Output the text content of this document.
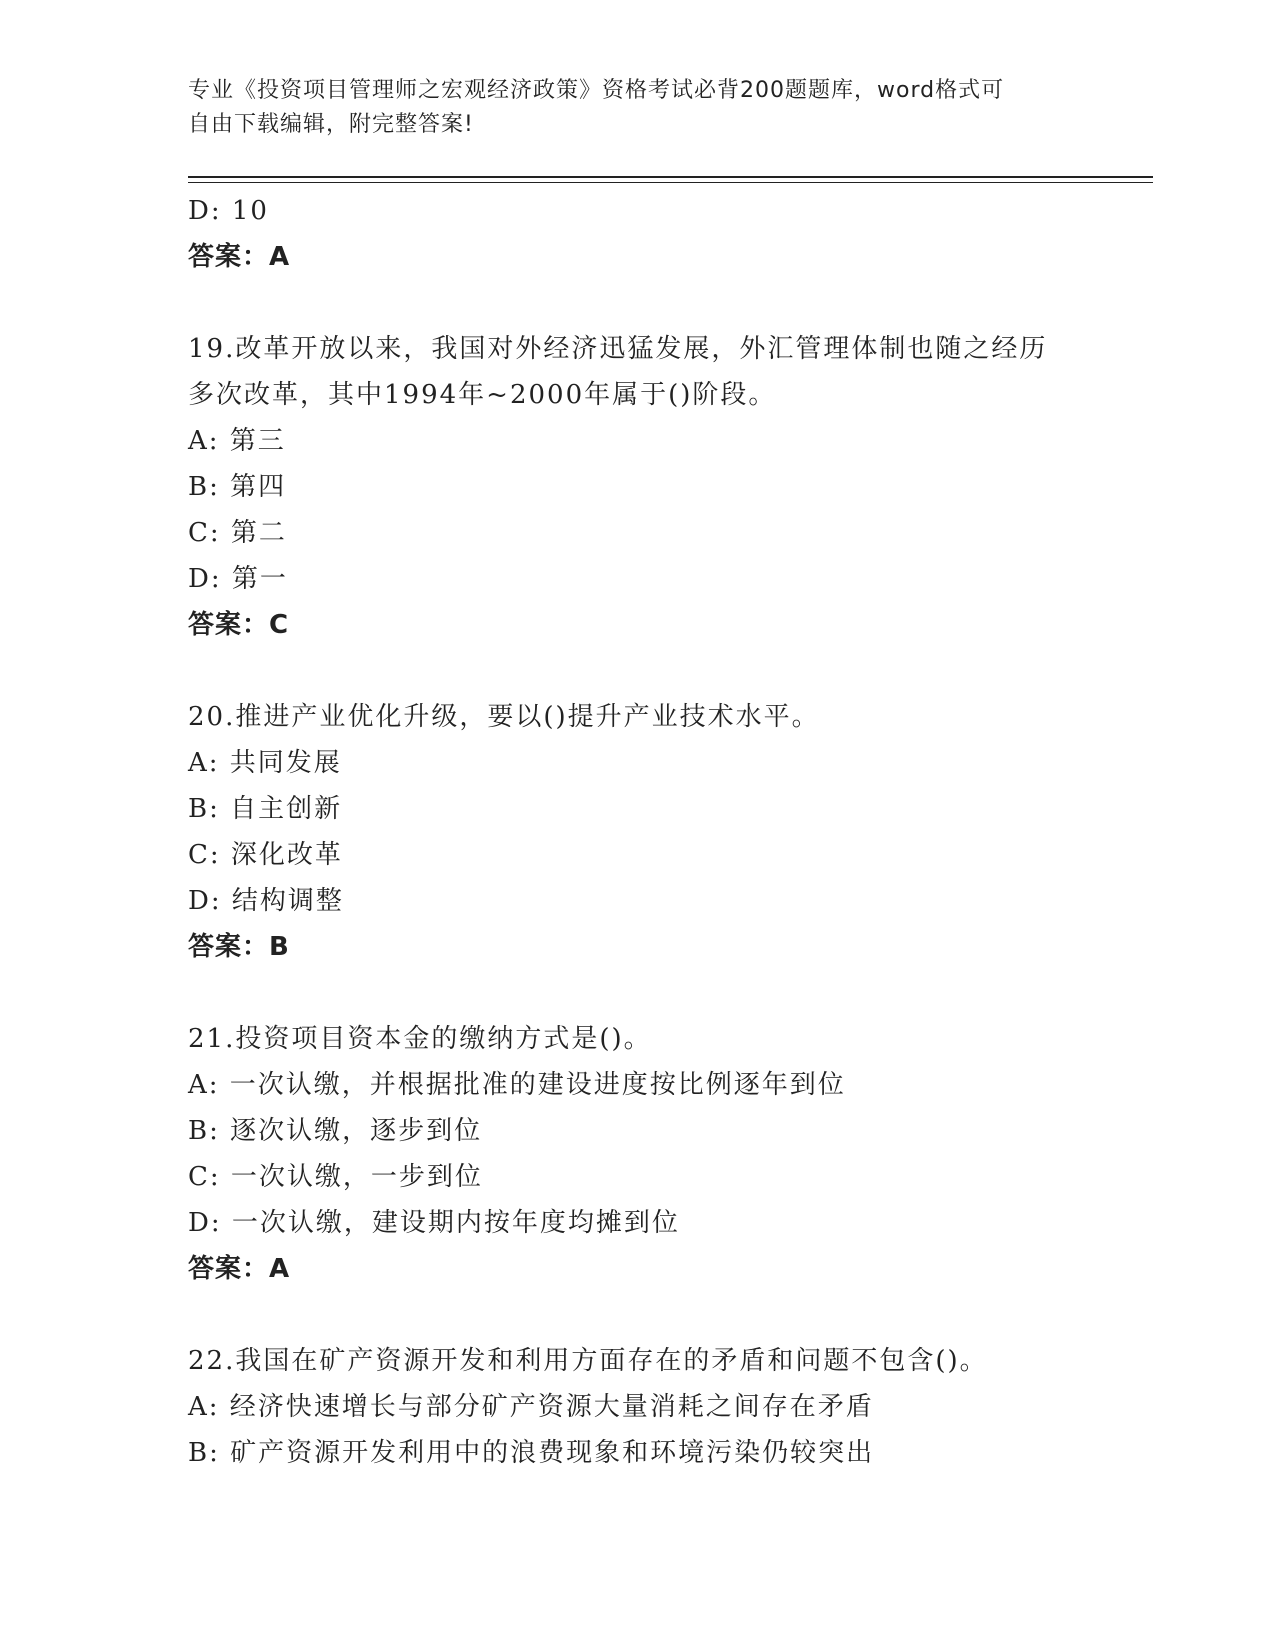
专业《投资项目管理师之宏观经济政策》资格考试必背200题题库，word格式可
自由下载编辑，附完整答案!
D: 10
答案：A
19.改革开放以来，我国对外经济迅猛发展，外汇管理体制也随之经历
多次改革，其中1994年~2000年属于()阶段。
A: 第三
B: 第四
C: 第二
D: 第一
答案：C
20.推进产业优化升级，要以()提升产业技术水平。
A: 共同发展
B: 自主创新
C: 深化改革
D: 结构调整
答案：B
21.投资项目资本金的缴纳方式是()。
A: 一次认缴，并根据批准的建设进度按比例逐年到位
B: 逐次认缴，逐步到位
C: 一次认缴，一步到位
D: 一次认缴，建设期内按年度均摊到位
答案：A
22.我国在矿产资源开发和利用方面存在的矛盾和问题不包含()。
A: 经济快速增长与部分矿产资源大量消耗之间存在矛盾
B: 矿产资源开发利用中的浪费现象和环境污染仍较突出
